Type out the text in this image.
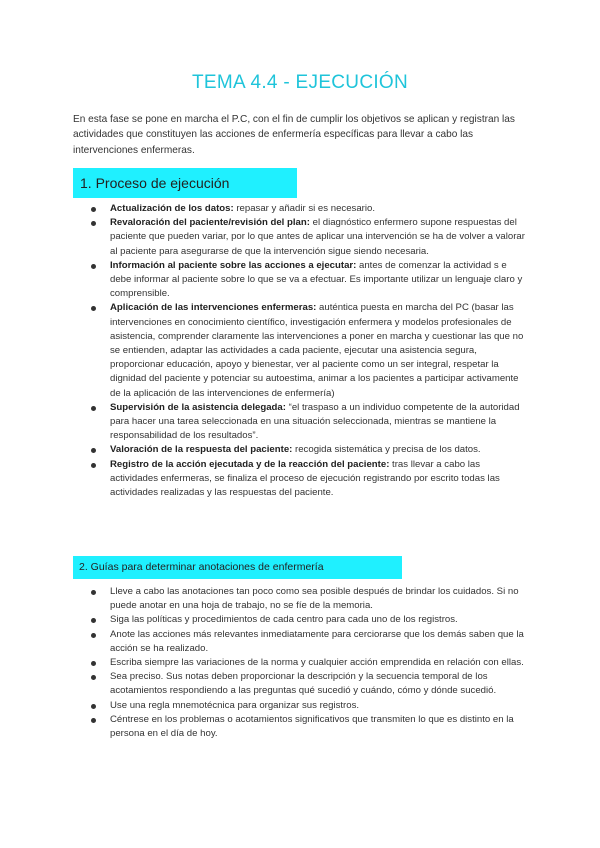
TEMA 4.4 - EJECUCIÓN
En esta fase se pone en marcha el P.C, con el fin de cumplir los objetivos se aplican y registran las actividades que constituyen las acciones de enfermería específicas para llevar a cabo las intervenciones enfermeras.
1. Proceso de ejecución
Actualización de los datos: repasar y añadir si es necesario.
Revaloración del paciente/revisión del plan: el diagnóstico enfermero supone respuestas del paciente que pueden variar, por lo que antes de aplicar una intervención se ha de volver a valorar al paciente para asegurarse de que la intervención sigue siendo necesaria.
Información al paciente sobre las acciones a ejecutar: antes de comenzar la actividad s e debe informar al paciente sobre lo que se va a efectuar. Es importante utilizar un lenguaje claro y comprensible.
Aplicación de las intervenciones enfermeras: auténtica puesta en marcha del PC (basar las intervenciones en conocimiento científico, investigación enfermera y modelos profesionales de asistencia, comprender claramente las intervenciones a poner en marcha y cuestionar las que no se entienden, adaptar las actividades a cada paciente, ejecutar una asistencia segura, proporcionar educación, apoyo y bienestar, ver al paciente como un ser integral, respetar la dignidad del paciente y potenciar su autoestima, animar a los pacientes a participar activamente de la aplicación de las intervenciones de enfermería)
Supervisión de la asistencia delegada: “el traspaso a un individuo competente de la autoridad para hacer una tarea seleccionada en una situación seleccionada, mientras se mantiene la responsabilidad de los resultados”.
Valoración de la respuesta del paciente: recogida sistemática y precisa de los datos.
Registro de la acción ejecutada y de la reacción del paciente: tras llevar a cabo las actividades enfermeras, se finaliza el proceso de ejecución registrando por escrito todas las actividades realizadas y las respuestas del paciente.
2. Guías para determinar anotaciones de enfermería
Lleve a cabo las anotaciones tan poco como sea posible después de brindar los cuidados. Si no puede anotar en una hoja de trabajo, no se fíe de la memoria.
Siga las políticas y procedimientos de cada centro para cada uno de los registros.
Anote las acciones más relevantes inmediatamente para cerciorarse que los demás saben que la acción se ha realizado.
Escriba siempre las variaciones de la norma y cualquier acción emprendida en relación con ellas.
Sea preciso. Sus notas deben proporcionar la descripción y la secuencia temporal de los acotamientos respondiendo a las preguntas qué sucedió y cuándo, cómo y dónde sucedió.
Use una regla mnemotécnica para organizar sus registros.
Céntrese en los problemas o acotamientos significativos que transmiten lo que es distinto en la persona en el día de hoy.
